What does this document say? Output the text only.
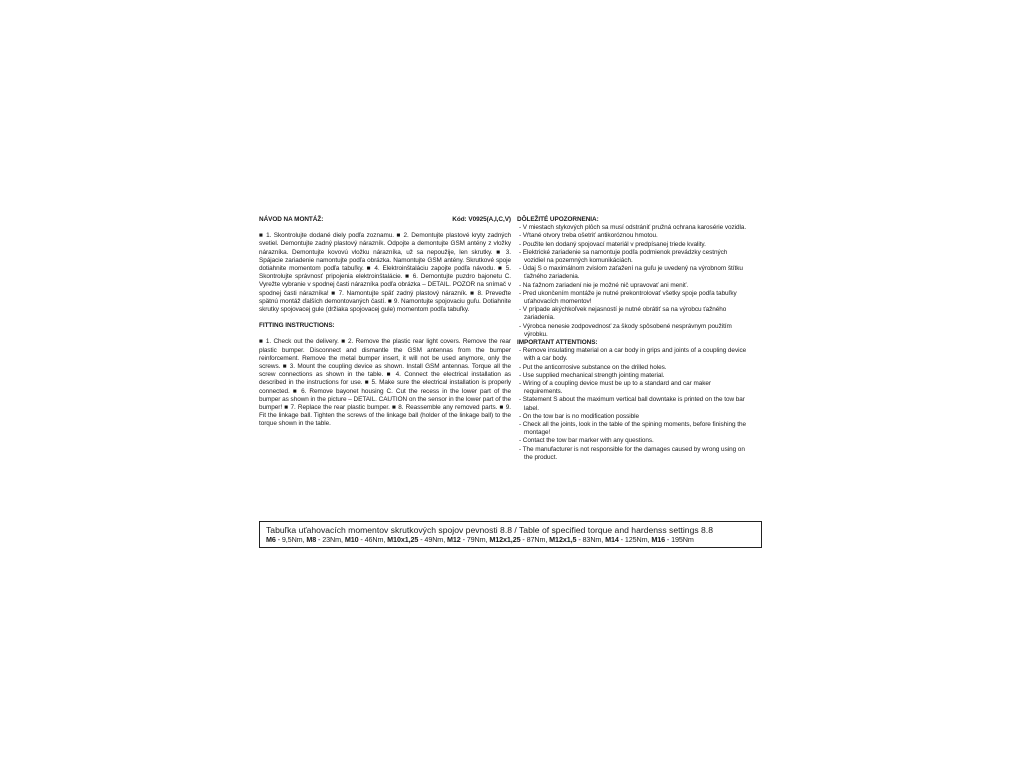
NÁVOD NA MONTÁŽ:	Kód: V0925(A,I,C,V)

■ 1. Skontrolujte dodané diely podľa zoznamu. ■ 2. Demontujte plastové kryty zadných svetiel. Demontujte zadný plastový nárazník. Odpojte a demontujte GSM antény z vložky nárazníka. Demontujte kovovú vložku nárazníka, už sa nepoužije, len skrutky. ■ 3. Spájacie zariadenie namontujte podľa obrázka. Namontujte GSM antény. Skrutkové spoje dotiahnite momentom podľa tabuľky. ■ 4. Elektroinštaláciu zapojte podľa návodu. ■ 5. Skontrolujte správnosť pripojenia elektroinštalácie. ■ 6. Demontujte puzdro bajonetu C. Vyrežte vybranie v spodnej časti nárazníka podľa obrázka – DETAIL. POZOR na snímač v spodnej časti nárazníka! ■ 7. Namontujte späť zadný plastový nárazník. ■ 8. Preveďte spätnú montáž ďalších demontovaných častí. ■ 9. Namontujte spojovaciu guľu. Dotiahnite skrutky spojovacej gule (držiaka spojovacej gule) momentom podľa tabuľky.

FITTING INSTRUCTIONS:

■ 1. Check out the delivery. ■ 2. Remove the plastic rear light covers. Remove the rear plastic bumper. Disconnect and dismantle the GSM antennas from the bumper reinforcement. Remove the metal bumper insert, it will not be used anymore, only the screws. ■ 3. Mount the coupling device as shown. Install GSM antennas. Torque all the screw connections as shown in the table. ■ 4. Connect the electrical installation as described in the instructions for use. ■ 5. Make sure the electrical installation is properly connected. ■ 6. Remove bayonet housing C. Cut the recess in the lower part of the bumper as shown in the picture – DETAIL. CAUTION on the sensor in the lower part of the bumper! ■ 7. Replace the rear plastic bumper. ■ 8. Reassemble any removed parts. ■ 9. Fit the linkage ball. Tighten the screws of the linkage ball (holder of the linkage ball) to the torque shown in the table.

DÔLEŽITÉ UPOZORNENIA:
- V miestach stykových plôch sa musí odstrániť pružná ochrana karosérie vozidla.
- Vŕtané otvory treba ošetriť antikoróznou hmotou.
- Použite len dodaný spojovací materiál v predpísanej triede kvality.
- Elektrické zariadenie sa namontuje podľa podmienok prevádzky cestných vozidiel na pozemných komunikáciách.
- Údaj S o maximálnom zvislom zaťažení na guľu je uvedený na výrobnom štítku ťažného zariadenia.
- Na ťažnom zariadení nie je možné nič upravovať ani meniť.
- Pred ukončením montáže je nutné prekontrolovať všetky spoje podľa tabuľky uťahovacích momentov!
- V prípade akýchkoľvek nejasností je nutné obrátiť sa na výrobcu ťažného zariadenia.
- Výrobca nenesie zodpovednosť za škody spôsobené nesprávnym použitím výrobku.
IMPORTANT ATTENTIONS:
- Remove insulating material on a car body in grips and joints of a coupling device with a car body.
- Put the anticorrosive substance on the drilled holes.
- Use supplied mechanical strength jointing material.
- Wiring of a coupling device must be up to a standard and car maker requirements.
- Statement S about the maximum vertical ball downtake is printed on the tow bar label.
- On the tow bar is no modification possible
- Check all the joints, look in the table of the spining moments, before finishing the montage!
- Contact the tow bar marker with any questions.
- The manufacturer is not responsible for the damages caused by wrong using on the product.
Tabuľka uťahovacích momentov skrutkových spojov pevnosti 8.8 / Table of specified torque and hardenss settings 8.8
M6 - 9,5Nm, M8 - 23Nm, M10 - 46Nm, M10x1,25 - 49Nm, M12 - 79Nm, M12x1,25 - 87Nm, M12x1,5 - 83Nm, M14 - 125Nm, M16 - 195Nm
